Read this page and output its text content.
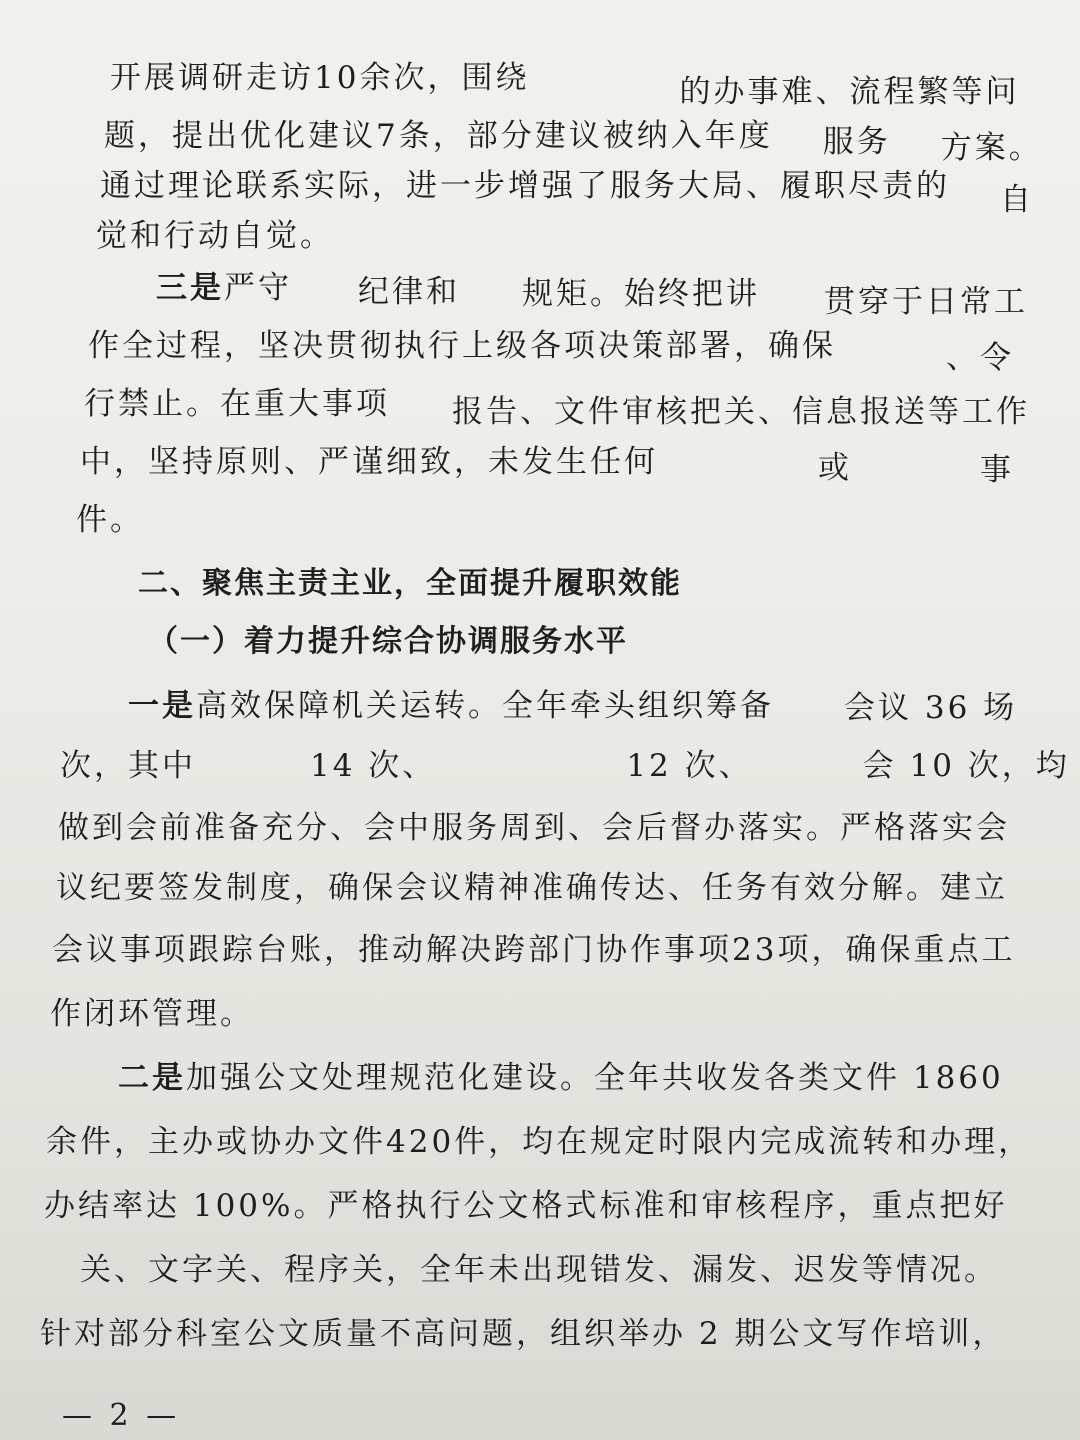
开展调研走访10余次，围绕	的办事难、流程繁等问
题，提出优化建议7条，部分建议被纳入年度 服务 方案。
通过理论联系实际，进一步增强了服务大局、履职尽责的 自
觉和行动自觉。
三是严守 纪律和 规矩。始终把讲 贯穿于日常工
作全过程，坚决贯彻执行上级各项决策部署，确保	、令
行禁止。在重大事项 报告、文件审核把关、信息报送等工作
中，坚持原则、严谨细致，未发生任何	或	事
件。
二、聚焦主责主业，全面提升履职效能
（一）着力提升综合协调服务水平
一是高效保障机关运转。全年牵头组织筹备 会议 36 场
次，其中	14 次、	12 次、	会 10 次，均
做到会前准备充分、会中服务周到、会后督办落实。严格落实会
议纪要签发制度，确保会议精神准确传达、任务有效分解。建立
会议事项跟踪台账，推动解决跨部门协作事项23项，确保重点工
作闭环管理。
二是加强公文处理规范化建设。全年共收发各类文件 1860
余件，主办或协办文件420件，均在规定时限内完成流转和办理，
办结率达 100%。严格执行公文格式标准和审核程序，重点把好
关、文字关、程序关，全年未出现错发、漏发、迟发等情况。
针对部分科室公文质量不高问题，组织举办 2 期公文写作培训，
— 2 —
